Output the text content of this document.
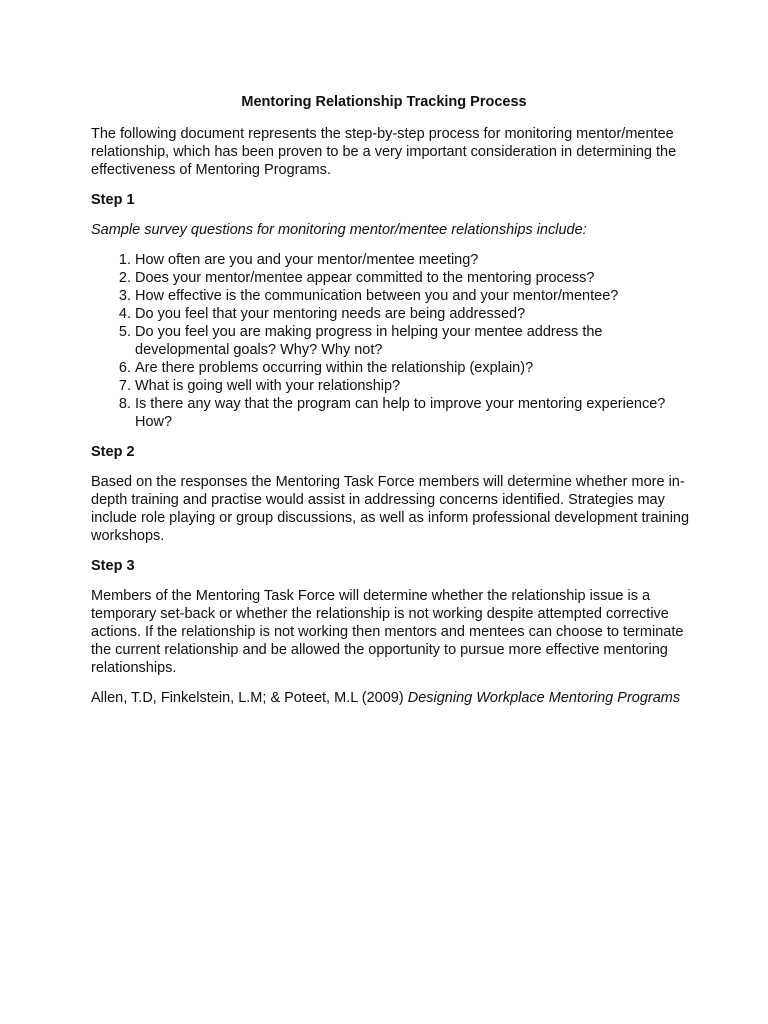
Mentoring Relationship Tracking Process

The following document represents the step-by-step process for monitoring mentor/mentee relationship, which has been proven to be a very important consideration in determining the effectiveness of Mentoring Programs.

Step 1

Sample survey questions for monitoring mentor/mentee relationships include:

1. How often are you and your mentor/mentee meeting?
2. Does your mentor/mentee appear committed to the mentoring process?
3. How effective is the communication between you and your mentor/mentee?
4. Do you feel that your mentoring needs are being addressed?
5. Do you feel you are making progress in helping your mentee address the developmental goals? Why? Why not?
6. Are there problems occurring within the relationship (explain)?
7. What is going well with your relationship?
8. Is there any way that the program can help to improve your mentoring experience? How?

Step 2

Based on the responses the Mentoring Task Force members will determine whether more in- depth training and practise would assist in addressing concerns identified. Strategies may include role playing or group discussions, as well as inform professional development training workshops.

Step 3

Members of the Mentoring Task Force will determine whether the relationship issue is a temporary set-back or whether the relationship is not working despite attempted corrective actions. If the relationship is not working then mentors and mentees can choose to terminate the current relationship and be allowed the opportunity to pursue more effective mentoring relationships.

Allen, T.D, Finkelstein, L.M; & Poteet, M.L (2009) Designing Workplace Mentoring Programs
